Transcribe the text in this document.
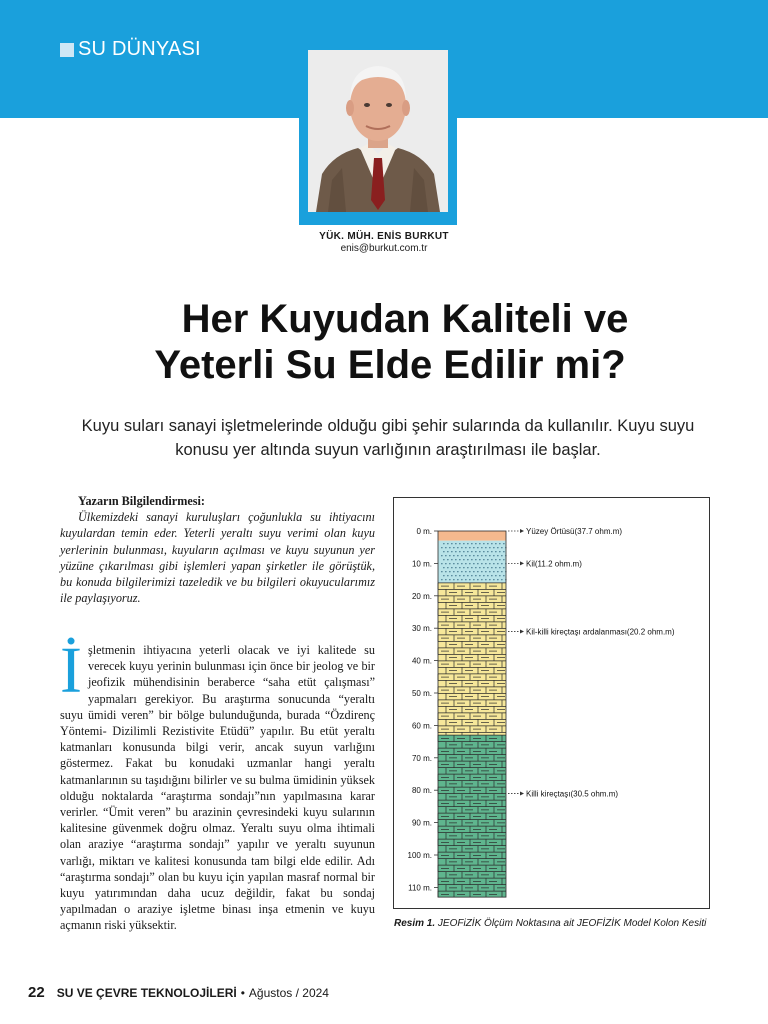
SU DÜNYASI
YÜK. MÜH. ENİS BURKUT
enis@burkut.com.tr
Her Kuyudan Kaliteli ve
Yeterli Su Elde Edilir mi?
Kuyu suları sanayi işletmelerinde olduğu gibi şehir sularında da kullanılır. Kuyu suyu konusu yer altında suyun varlığının araştırılması ile başlar.
Yazarın Bilgilendirmesi:
Ülkemizdeki sanayi kuruluşları çoğunlukla su ihtiyacını kuyulardan temin eder. Yeterli yeraltı suyu verimi olan kuyu yerlerinin bulunması, kuyuların açılması ve kuyu suyunun yer yüzüne çıkarılması gibi işlemleri yapan şirketler ile görüştük, bu konuda bilgilerimizi tazeledik ve bu bilgileri okuyucularımız ile paylaşıyoruz.
İ şletmenin ihtiyacına yeterli olacak ve iyi kalitede su verecek kuyu yerinin bulunması için önce bir jeolog ve bir jeofizik mühendisinin beraberce “saha etüt çalışması” yapmaları gerekiyor. Bu araştırma sonucunda “yeraltı suyu ümidi veren” bir bölge bulunduğunda, burada “Özdirenç Yöntemi- Dizilimli Rezistivite Etüdü” yapılır. Bu etüt yeraltı katmanları konusunda bilgi verir, ancak suyun varlığını göstermez. Fakat bu konudaki uzmanlar hangi yeraltı katmanlarının su taşıdığını bilirler ve su bulma ümidinin yüksek olduğu noktalarda “araştırma sondajı”nın yapılmasına karar verirler. “Ümit veren” bu arazinin çevresindeki kuyu sularının kalitesine güvenmek doğru olmaz. Yeraltı suyu olma ihtimali olan araziye “araştırma sondajı” yapılır ve yeraltı suyunun varlığı, miktarı ve kalitesi konusunda tam bilgi elde edilir. Adı “araştırma sondajı” olan bu kuyu için yapılan masraf normal bir kuyu yatırımından daha ucuz değildir, fakat bu sondaj yapılmadan o araziye işletme binası inşa etmenin ve kuyu açmanın riski yüksektir.
Yüzey Örtüsü(37.7 ohm.m)
Kil(11.2 ohm.m)
Kil-killi kireçtaşı ardalanması(20.2 ohm.m)
Killi kireçtaşı(30.5 ohm.m)
0 m.
10 m.
20 m.
30 m.
40 m.
50 m.
60 m.
70 m.
80 m.
90 m.
100 m.
110 m.
Resim 1. JEOFiZİK Ölçüm Noktasına ait JEOFİZİK Model Kolon Kesiti
22 SU VE ÇEVRE TEKNOLOJİLERİ • Ağustos / 2024
